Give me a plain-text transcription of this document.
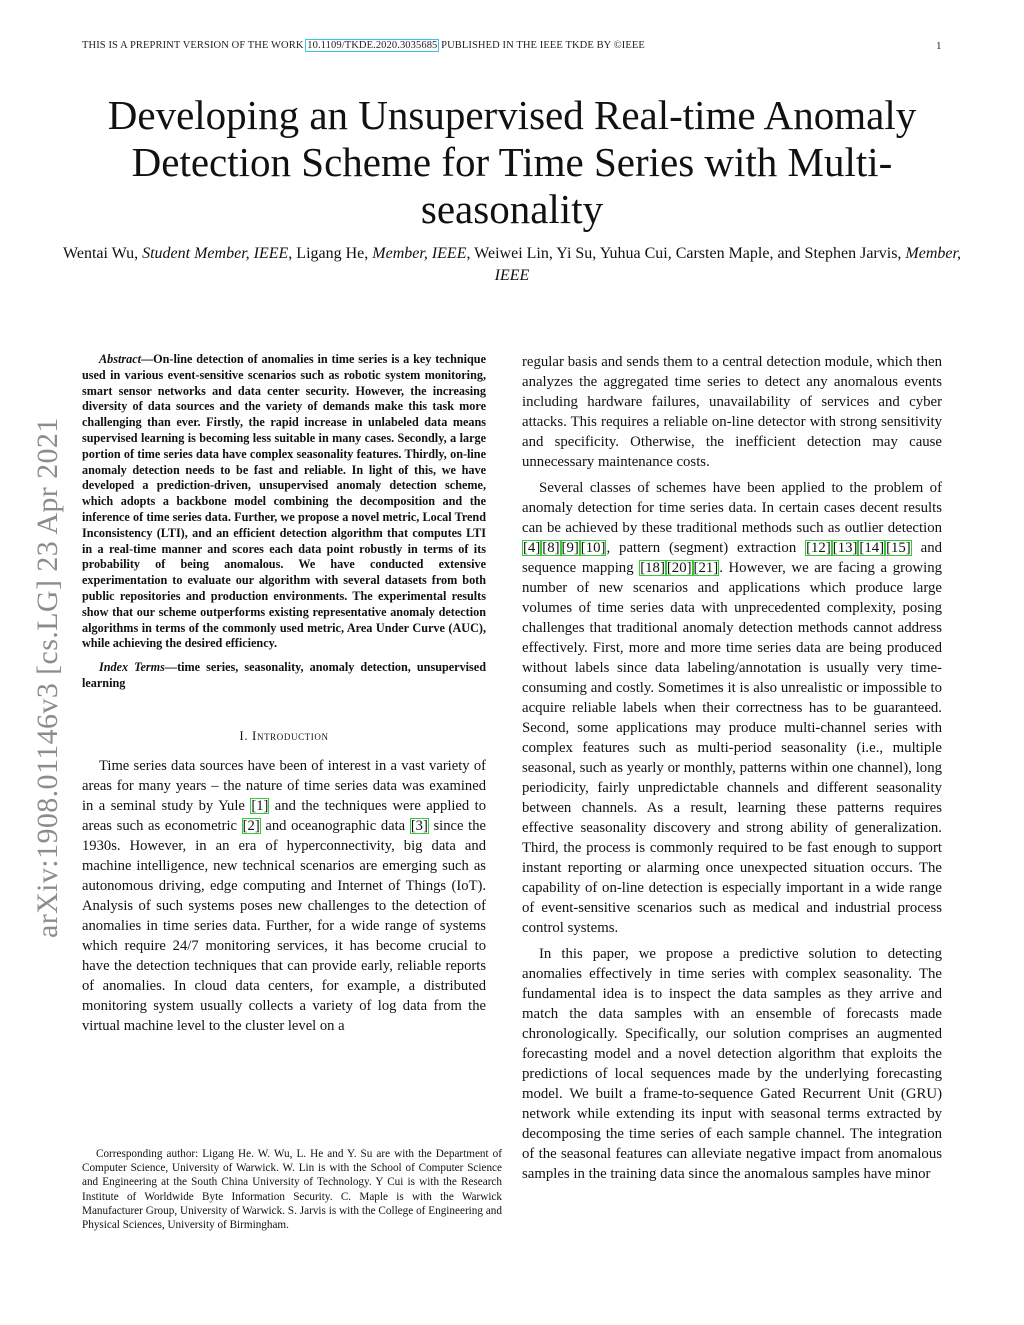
THIS IS A PREPRINT VERSION OF THE WORK 10.1109/TKDE.2020.3035685 PUBLISHED IN THE IEEE TKDE BY ©IEEE	1
Developing an Unsupervised Real-time Anomaly Detection Scheme for Time Series with Multi-seasonality
Wentai Wu, Student Member, IEEE, Ligang He, Member, IEEE, Weiwei Lin, Yi Su, Yuhua Cui, Carsten Maple, and Stephen Jarvis, Member, IEEE
arXiv:1908.01146v3 [cs.LG] 23 Apr 2021

Abstract—On-line detection of anomalies in time series is a key technique used in various event-sensitive scenarios such as robotic system monitoring, smart sensor networks and data center security. However, the increasing diversity of data sources and the variety of demands make this task more challenging than ever. Firstly, the rapid increase in unlabeled data means supervised learning is becoming less suitable in many cases. Secondly, a large portion of time series data have complex seasonality features. Thirdly, on-line anomaly detection needs to be fast and reliable. In light of this, we have developed a prediction-driven, unsupervised anomaly detection scheme, which adopts a backbone model combining the decomposition and the inference of time series data. Further, we propose a novel metric, Local Trend Inconsistency (LTI), and an efficient detection algorithm that computes LTI in a real-time manner and scores each data point robustly in terms of its probability of being anomalous. We have conducted extensive experimentation to evaluate our algorithm with several datasets from both public repositories and production environments. The experimental results show that our scheme outperforms existing representative anomaly detection algorithms in terms of the commonly used metric, Area Under Curve (AUC), while achieving the desired efficiency.

Index Terms—time series, seasonality, anomaly detection, unsupervised learning

I. Introduction

Time series data sources have been of interest in a vast variety of areas for many years – the nature of time series data was examined in a seminal study by Yule [1] and the techniques were applied to areas such as econometric [2] and oceanographic data [3] since the 1930s. However, in an era of hyperconnectivity, big data and machine intelligence, new technical scenarios are emerging such as autonomous driving, edge computing and Internet of Things (IoT). Analysis of such systems poses new challenges to the detection of anomalies in time series data. Further, for a wide range of systems which require 24/7 monitoring services, it has become crucial to have the detection techniques that can provide early, reliable reports of anomalies. In cloud data centers, for example, a distributed monitoring system usually collects a variety of log data from the virtual machine level to the cluster level on a

Corresponding author: Ligang He. W. Wu, L. He and Y. Su are with the Department of Computer Science, University of Warwick. W. Lin is with the School of Computer Science and Engineering at the South China University of Technology. Y Cui is with the Research Institute of Worldwide Byte Information Security. C. Maple is with the Warwick Manufacturer Group, University of Warwick. S. Jarvis is with the College of Engineering and Physical Sciences, University of Birmingham.

regular basis and sends them to a central detection module, which then analyzes the aggregated time series to detect any anomalous events including hardware failures, unavailability of services and cyber attacks. This requires a reliable on-line detector with strong sensitivity and specificity. Otherwise, the inefficient detection may cause unnecessary maintenance costs.

Several classes of schemes have been applied to the problem of anomaly detection for time series data. In certain cases decent results can be achieved by these traditional methods such as outlier detection [4] [8] [9] [10], pattern (segment) extraction [12] [13] [14] [15] and sequence mapping [18] [20] [21]. However, we are facing a growing number of new scenarios and applications which produce large volumes of time series data with unprecedented complexity, posing challenges that traditional anomaly detection methods cannot address effectively. First, more and more time series data are being produced without labels since data labeling/annotation is usually very time-consuming and costly. Sometimes it is also unrealistic or impossible to acquire reliable labels when their correctness has to be guaranteed. Second, some applications may produce multi-channel series with complex features such as multi-period seasonality (i.e., multiple seasonal, such as yearly or monthly, patterns within one channel), long periodicity, fairly unpredictable channels and different seasonality between channels. As a result, learning these patterns requires effective seasonality discovery and strong ability of generalization. Third, the process is commonly required to be fast enough to support instant reporting or alarming once unexpected situation occurs. The capability of on-line detection is especially important in a wide range of event-sensitive scenarios such as medical and industrial process control systems.

In this paper, we propose a predictive solution to detecting anomalies effectively in time series with complex seasonality. The fundamental idea is to inspect the data samples as they arrive and match the data samples with an ensemble of forecasts made chronologically. Specifically, our solution comprises an augmented forecasting model and a novel detection algorithm that exploits the predictions of local sequences made by the underlying forecasting model. We built a frame-to-sequence Gated Recurrent Unit (GRU) network while extending its input with seasonal terms extracted by decomposing the time series of each sample channel. The integration of the seasonal features can alleviate negative impact from anomalous samples in the training data since the anomalous samples have minor
